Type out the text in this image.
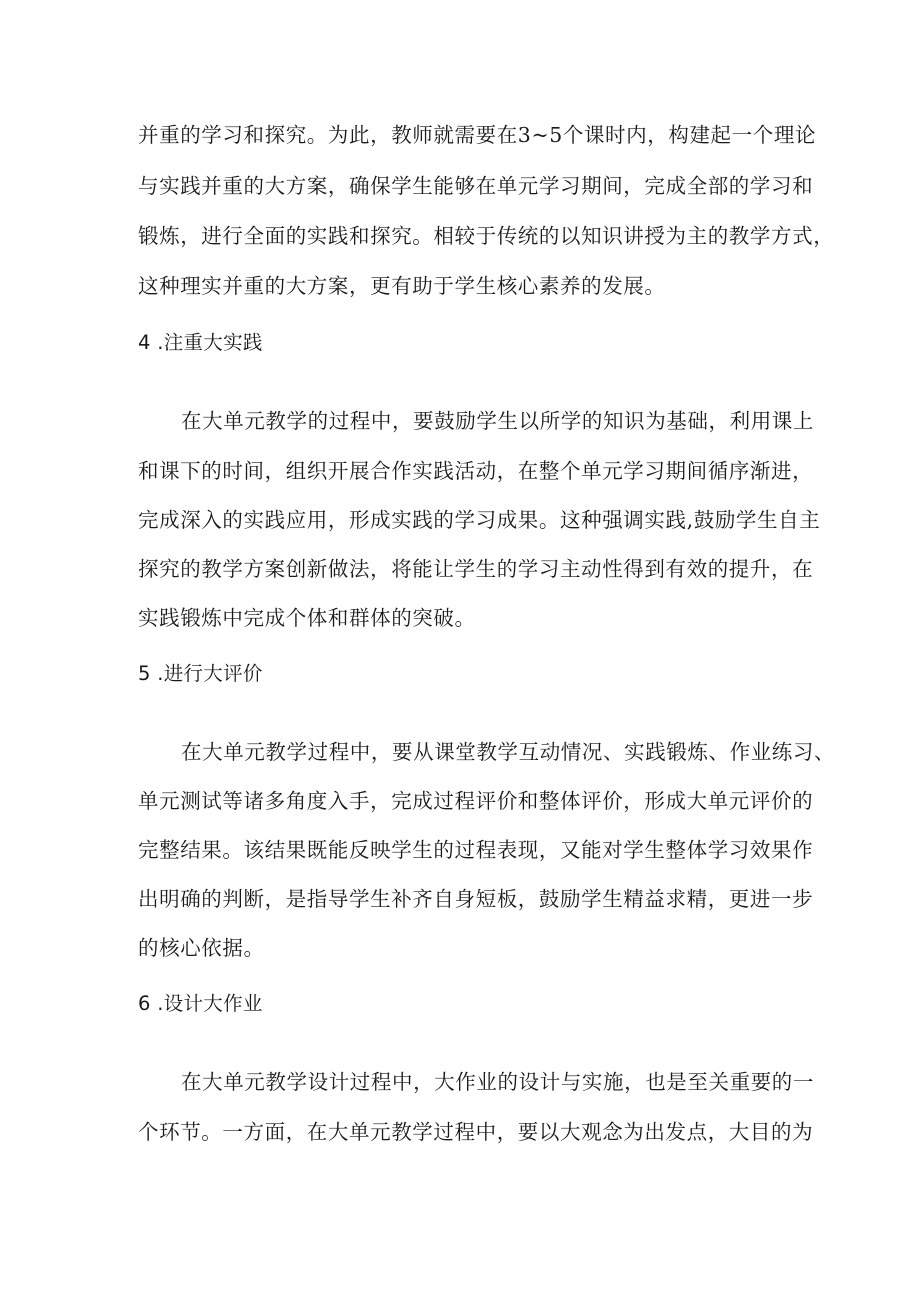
并重的学习和探究。为此，教师就需要在3~5个课时内，构建起一个理论
与实践并重的大方案，确保学生能够在单元学习期间，完成全部的学习和
锻炼，进行全面的实践和探究。相较于传统的以知识讲授为主的教学方式，
这种理实并重的大方案，更有助于学生核心素养的发展。
4 .注重大实践
在大单元教学的过程中，要鼓励学生以所学的知识为基础，利用课上
和课下的时间，组织开展合作实践活动，在整个单元学习期间循序渐进，
完成深入的实践应用，形成实践的学习成果。这种强调实践,鼓励学生自主
探究的教学方案创新做法，将能让学生的学习主动性得到有效的提升，在
实践锻炼中完成个体和群体的突破。
5 .进行大评价
在大单元教学过程中，要从课堂教学互动情况、实践锻炼、作业练习、
单元测试等诸多角度入手，完成过程评价和整体评价，形成大单元评价的
完整结果。该结果既能反映学生的过程表现，又能对学生整体学习效果作
出明确的判断，是指导学生补齐自身短板，鼓励学生精益求精，更进一步
的核心依据。
6 .设计大作业
在大单元教学设计过程中，大作业的设计与实施，也是至关重要的一
个环节。一方面，在大单元教学过程中，要以大观念为出发点，大目的为
